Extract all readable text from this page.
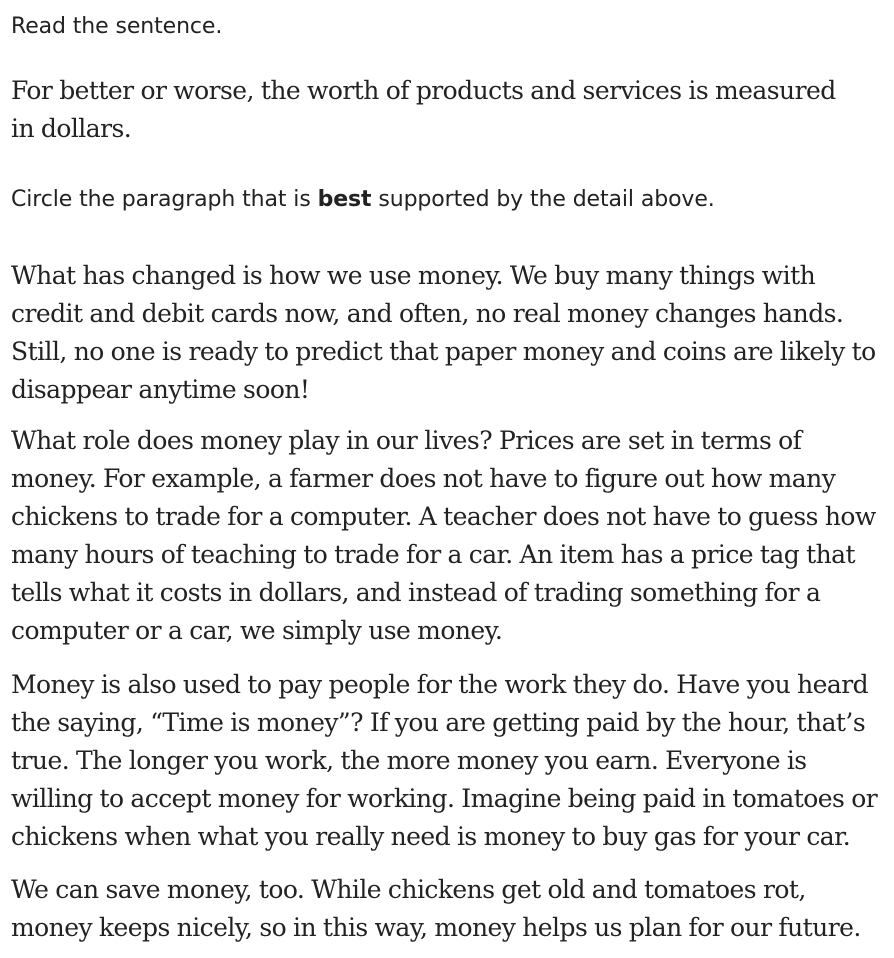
Read the sentence.

For better or worse, the worth of products and services is measured in dollars.

Circle the paragraph that is best supported by the detail above.

What has changed is how we use money. We buy many things with credit and debit cards now, and often, no real money changes hands. Still, no one is ready to predict that paper money and coins are likely to disappear anytime soon!

What role does money play in our lives? Prices are set in terms of money. For example, a farmer does not have to figure out how many chickens to trade for a computer. A teacher does not have to guess how many hours of teaching to trade for a car. An item has a price tag that tells what it costs in dollars, and instead of trading something for a computer or a car, we simply use money.

Money is also used to pay people for the work they do. Have you heard the saying, “Time is money”? If you are getting paid by the hour, that’s true. The longer you work, the more money you earn. Everyone is willing to accept money for working. Imagine being paid in tomatoes or chickens when what you really need is money to buy gas for your car.

We can save money, too. While chickens get old and tomatoes rot, money keeps nicely, so in this way, money helps us plan for our future.
